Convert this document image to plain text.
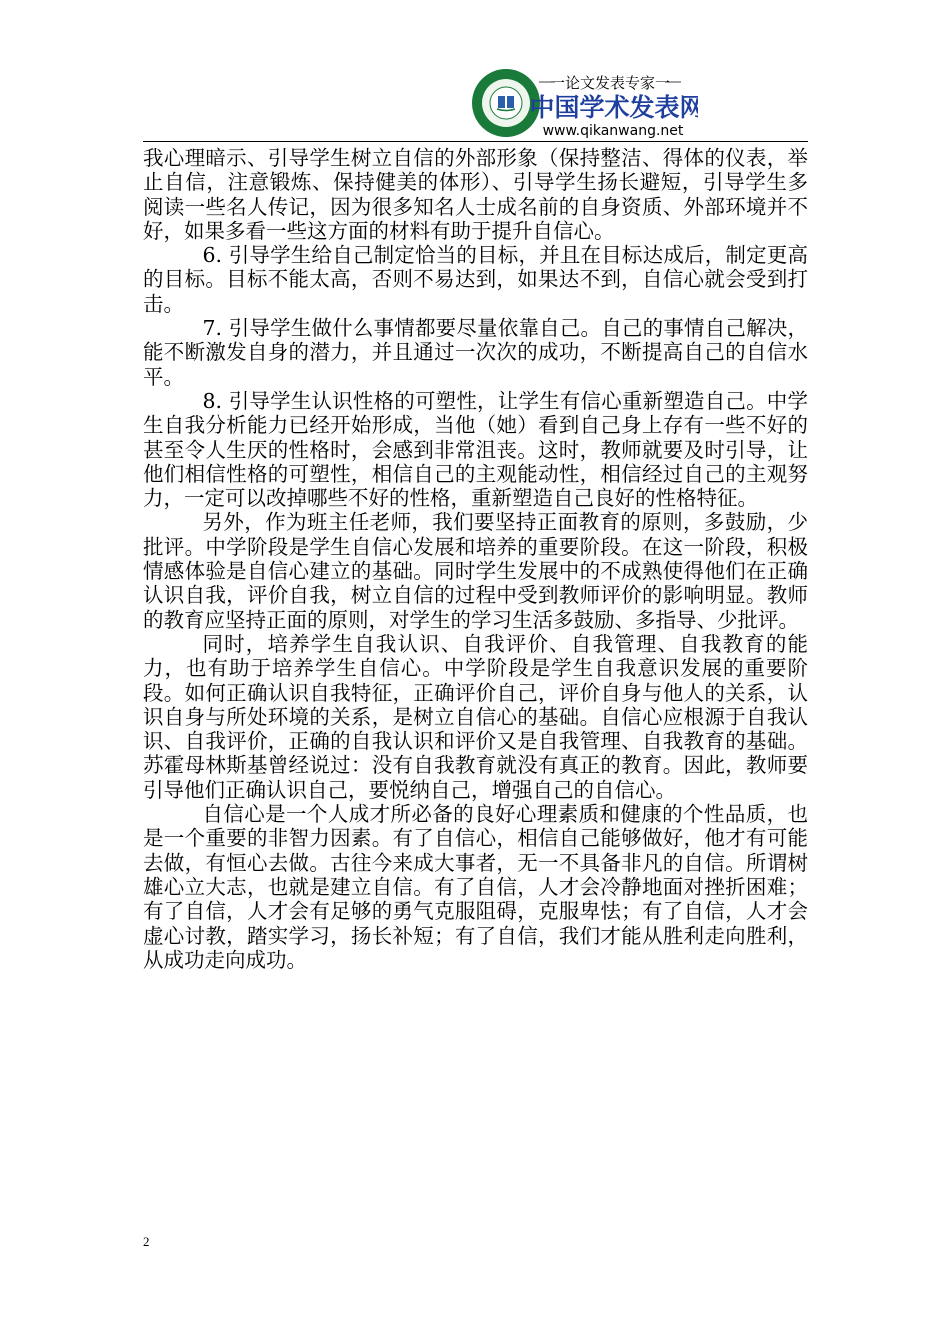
一论文发表专家一
中国学术发表网
www.qikanwang.net

我心理暗示、引导学生树立自信的外部形象（保持整洁、得体的仪表，举止自信，注意锻炼、保持健美的体形）、引导学生扬长避短，引导学生多阅读一些名人传记，因为很多知名人士成名前的自身资质、外部环境并不好，如果多看一些这方面的材料有助于提升自信心。

6. 引导学生给自己制定恰当的目标，并且在目标达成后，制定更高的目标。目标不能太高，否则不易达到，如果达不到，自信心就会受到打击。

7. 引导学生做什么事情都要尽量依靠自己。自己的事情自己解决，能不断激发自身的潜力，并且通过一次次的成功，不断提高自己的自信水平。

8. 引导学生认识性格的可塑性，让学生有信心重新塑造自己。中学生自我分析能力已经开始形成，当他（她）看到自己身上存有一些不好的甚至令人生厌的性格时，会感到非常沮丧。这时，教师就要及时引导，让他们相信性格的可塑性，相信自己的主观能动性，相信经过自己的主观努力，一定可以改掉哪些不好的性格，重新塑造自己良好的性格特征。

另外，作为班主任老师，我们要坚持正面教育的原则，多鼓励，少批评。中学阶段是学生自信心发展和培养的重要阶段。在这一阶段，积极情感体验是自信心建立的基础。同时学生发展中的不成熟使得他们在正确认识自我，评价自我，树立自信的过程中受到教师评价的影响明显。教师的教育应坚持正面的原则，对学生的学习生活多鼓励、多指导、少批评。

同时，培养学生自我认识、自我评价、自我管理、自我教育的能力，也有助于培养学生自信心。中学阶段是学生自我意识发展的重要阶段。如何正确认识自我特征，正确评价自己，评价自身与他人的关系，认识自身与所处环境的关系，是树立自信心的基础。自信心应根源于自我认识、自我评价，正确的自我认识和评价又是自我管理、自我教育的基础。苏霍母林斯基曾经说过：没有自我教育就没有真正的教育。因此，教师要引导他们正确认识自己，要悦纳自己，增强自己的自信心。

自信心是一个人成才所必备的良好心理素质和健康的个性品质，也是一个重要的非智力因素。有了自信心，相信自己能够做好，他才有可能去做，有恒心去做。古往今来成大事者，无一不具备非凡的自信。所谓树雄心立大志，也就是建立自信。有了自信，人才会冷静地面对挫折困难；有了自信，人才会有足够的勇气克服阻碍，克服卑怯；有了自信，人才会虚心讨教，踏实学习，扬长补短；有了自信，我们才能从胜利走向胜利，从成功走向成功。

2
